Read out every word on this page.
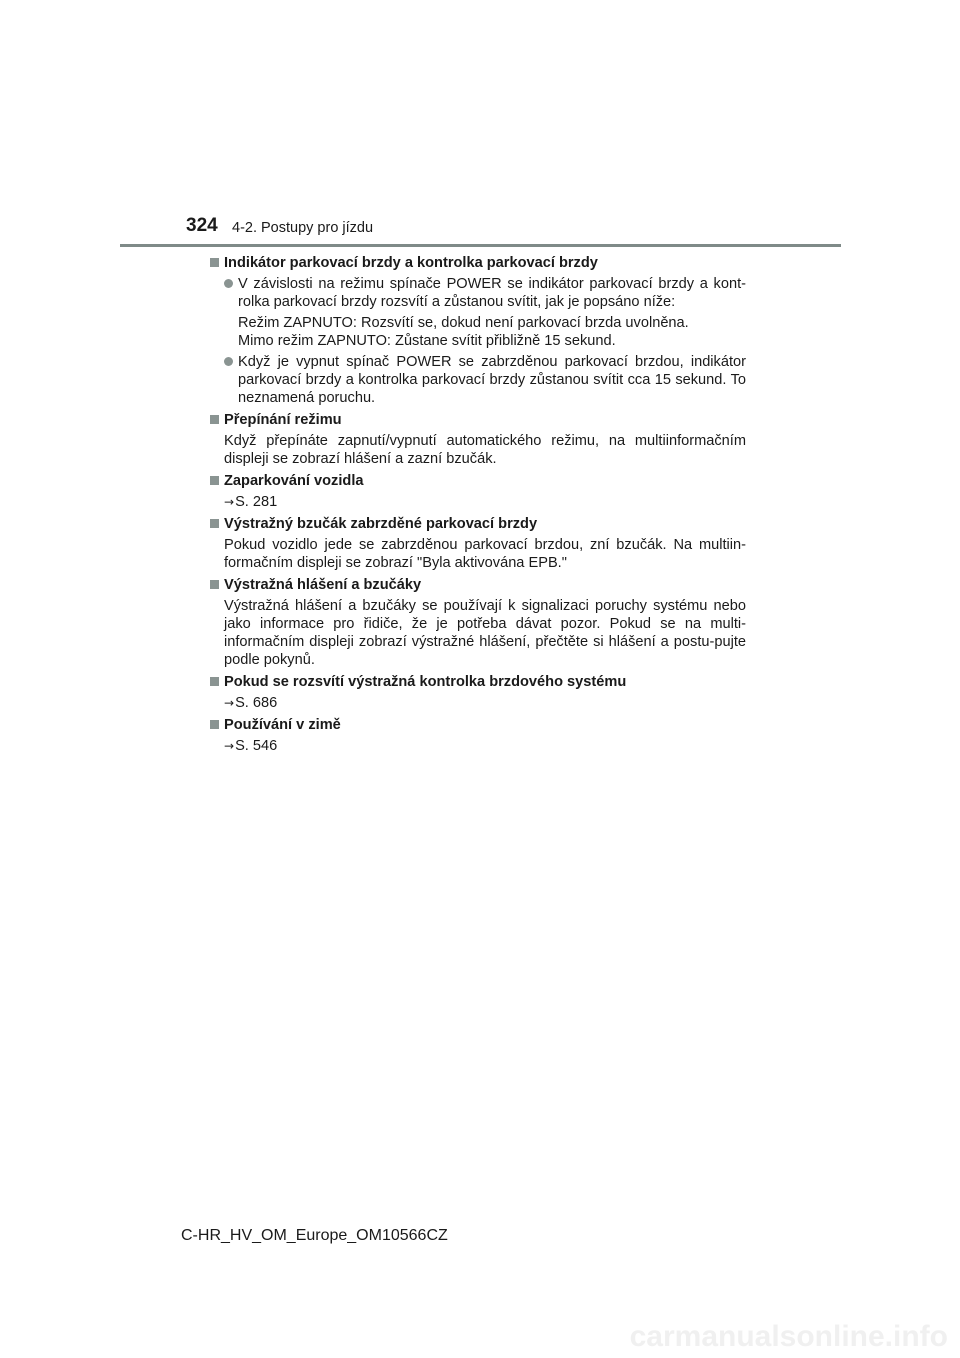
324 4-2. Postupy pro jízdu
Indikátor parkovací brzdy a kontrolka parkovací brzdy
V závislosti na režimu spínače POWER se indikátor parkovací brzdy a kont-rolka parkovací brzdy rozsvítí a zůstanou svítit, jak je popsáno níže:
Režim ZAPNUTO: Rozsvítí se, dokud není parkovací brzda uvolněna.
Mimo režim ZAPNUTO: Zůstane svítit přibližně 15 sekund.
Když je vypnut spínač POWER se zabrzděnou parkovací brzdou, indikátor parkovací brzdy a kontrolka parkovací brzdy zůstanou svítit cca 15 sekund. To neznamená poruchu.
Přepínání režimu
Když přepínáte zapnutí/vypnutí automatického režimu, na multiinformačním displeji se zobrazí hlášení a zazní bzučák.
Zaparkování vozidla
→S. 281
Výstražný bzučák zabrzděné parkovací brzdy
Pokud vozidlo jede se zabrzděnou parkovací brzdou, zní bzučák. Na multiin-formačním displeji se zobrazí "Byla aktivována EPB."
Výstražná hlášení a bzučáky
Výstražná hlášení a bzučáky se používají k signalizaci poruchy systému nebo jako informace pro řidiče, že je potřeba dávat pozor. Pokud se na multi-informačním displeji zobrazí výstražné hlášení, přečtěte si hlášení a postu-pujte podle pokynů.
Pokud se rozsvítí výstražná kontrolka brzdového systému
→S. 686
Používání v zimě
→S. 546
C-HR_HV_OM_Europe_OM10566CZ
carmanualsonline.info
